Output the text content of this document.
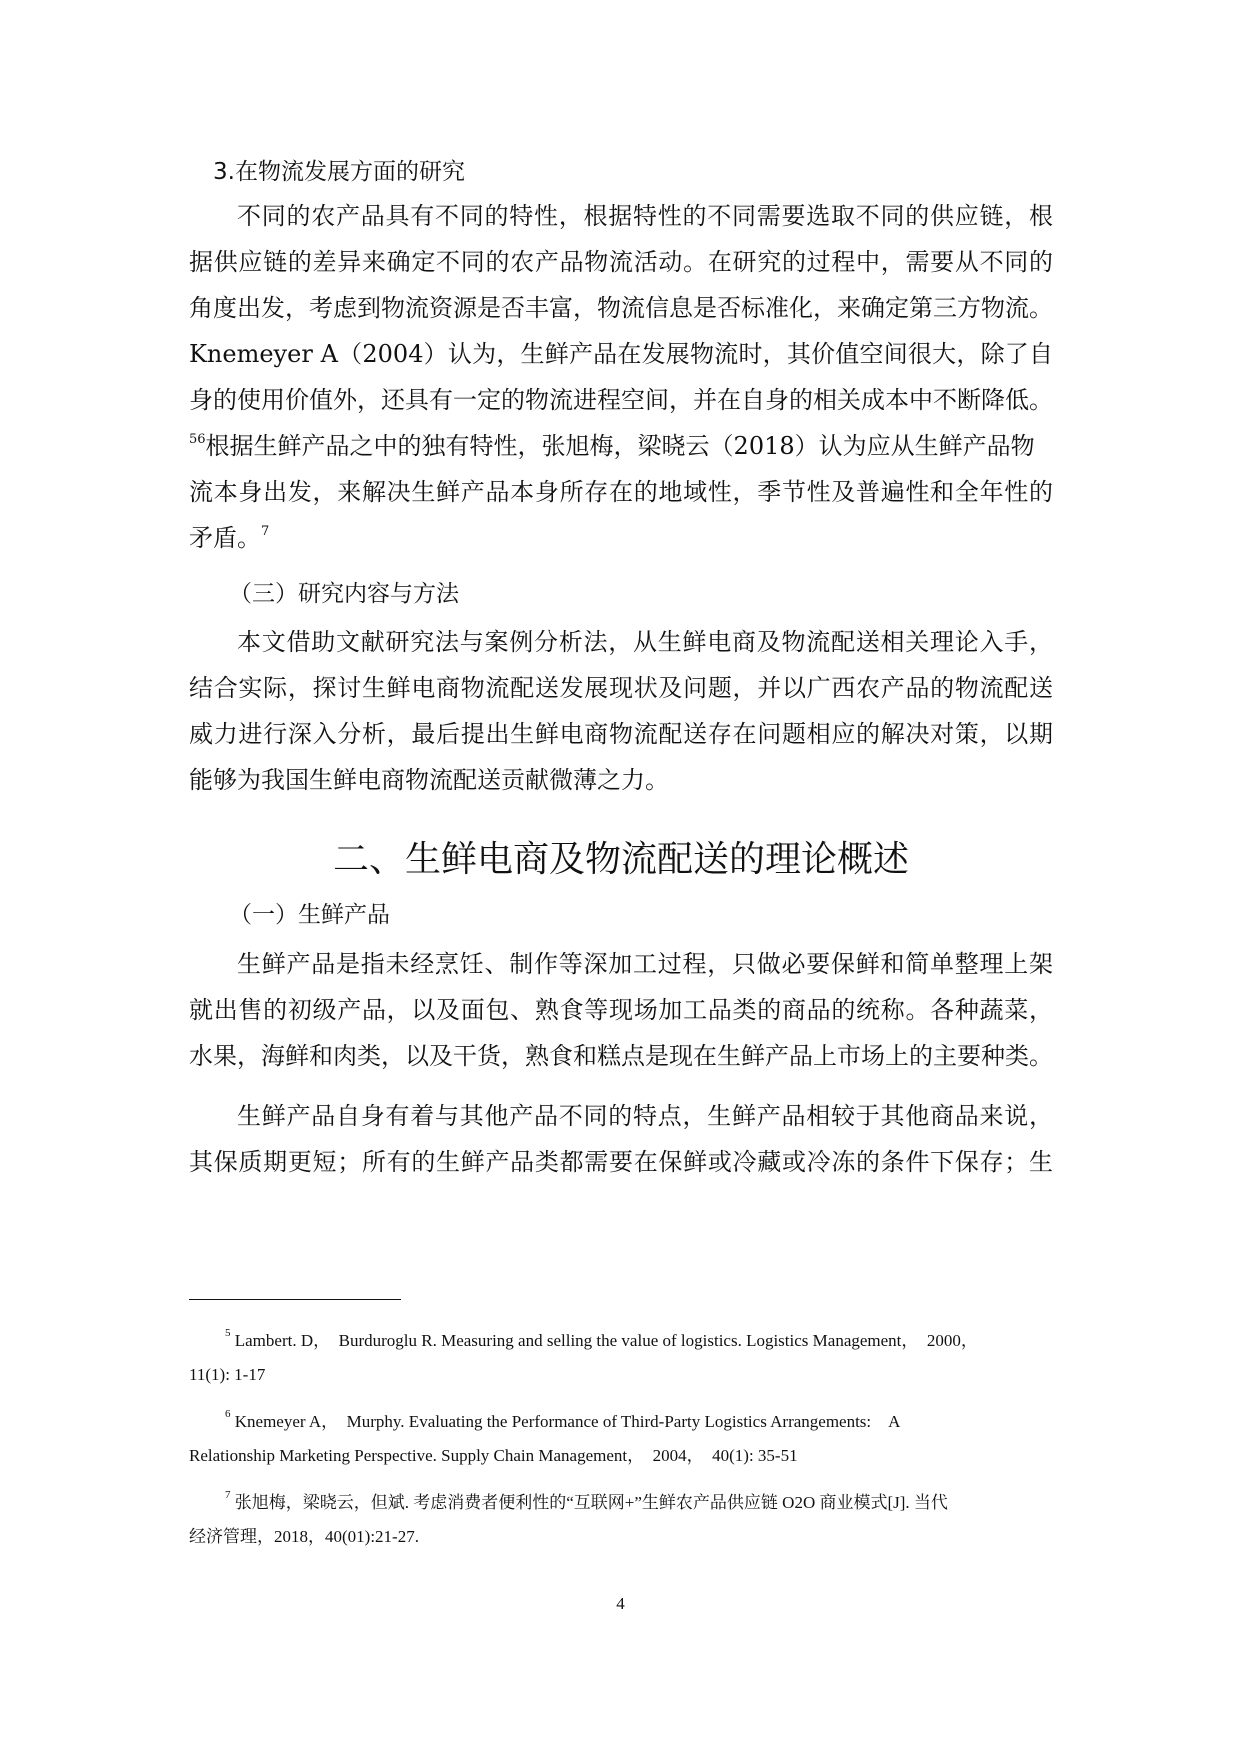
3.在物流发展方面的研究
不同的农产品具有不同的特性，根据特性的不同需要选取不同的供应链，根
据供应链的差异来确定不同的农产品物流活动。在研究的过程中，需要从不同的
角度出发，考虑到物流资源是否丰富，物流信息是否标准化，来确定第三方物流。
Knemeyer A（2004）认为，生鲜产品在发展物流时，其价值空间很大，除了自
身的使用价值外，还具有一定的物流进程空间，并在自身的相关成本中不断降低。
$^{56}$根据生鲜产品之中的独有特性，张旭梅，梁晓云（2018）认为应从生鲜产品物
流本身出发，来解决生鲜产品本身所存在的地域性，季节性及普遍性和全年性的
矛盾。$^7$
（三）研究内容与方法
本文借助文献研究法与案例分析法，从生鲜电商及物流配送相关理论入手，
结合实际，探讨生鲜电商物流配送发展现状及问题，并以广西农产品的物流配送
威力进行深入分析，最后提出生鲜电商物流配送存在问题相应的解决对策，以期
能够为我国生鲜电商物流配送贡献微薄之力。
二、生鲜电商及物流配送的理论概述
（一）生鲜产品
生鲜产品是指未经烹饪、制作等深加工过程，只做必要保鲜和简单整理上架
就出售的初级产品，以及面包、熟食等现场加工品类的商品的统称。各种蔬菜，
水果，海鲜和肉类，以及干货，熟食和糕点是现在生鲜产品上市场上的主要种类。
生鲜产品自身有着与其他产品不同的特点，生鲜产品相较于其他商品来说，
其保质期更短；所有的生鲜产品类都需要在保鲜或冷藏或冷冻的条件下保存；生
$^5$ Lambert. D，　Burduroglu R. Measuring and selling the value of logistics. Logistics Management，　2000，
11(1): 1-17
$^6$ Knemeyer A，　Murphy. Evaluating the Performance of Third-Party Logistics Arrangements:　A
Relationship Marketing Perspective. Supply Chain Management，　2004，　40(1): 35-51
$^7$ 张旭梅，梁晓云，但斌. 考虑消费者便利性的“互联网+”生鲜农产品供应链 O2O 商业模式[J]. 当代
经济管理，2018，40(01):21-27.
4
